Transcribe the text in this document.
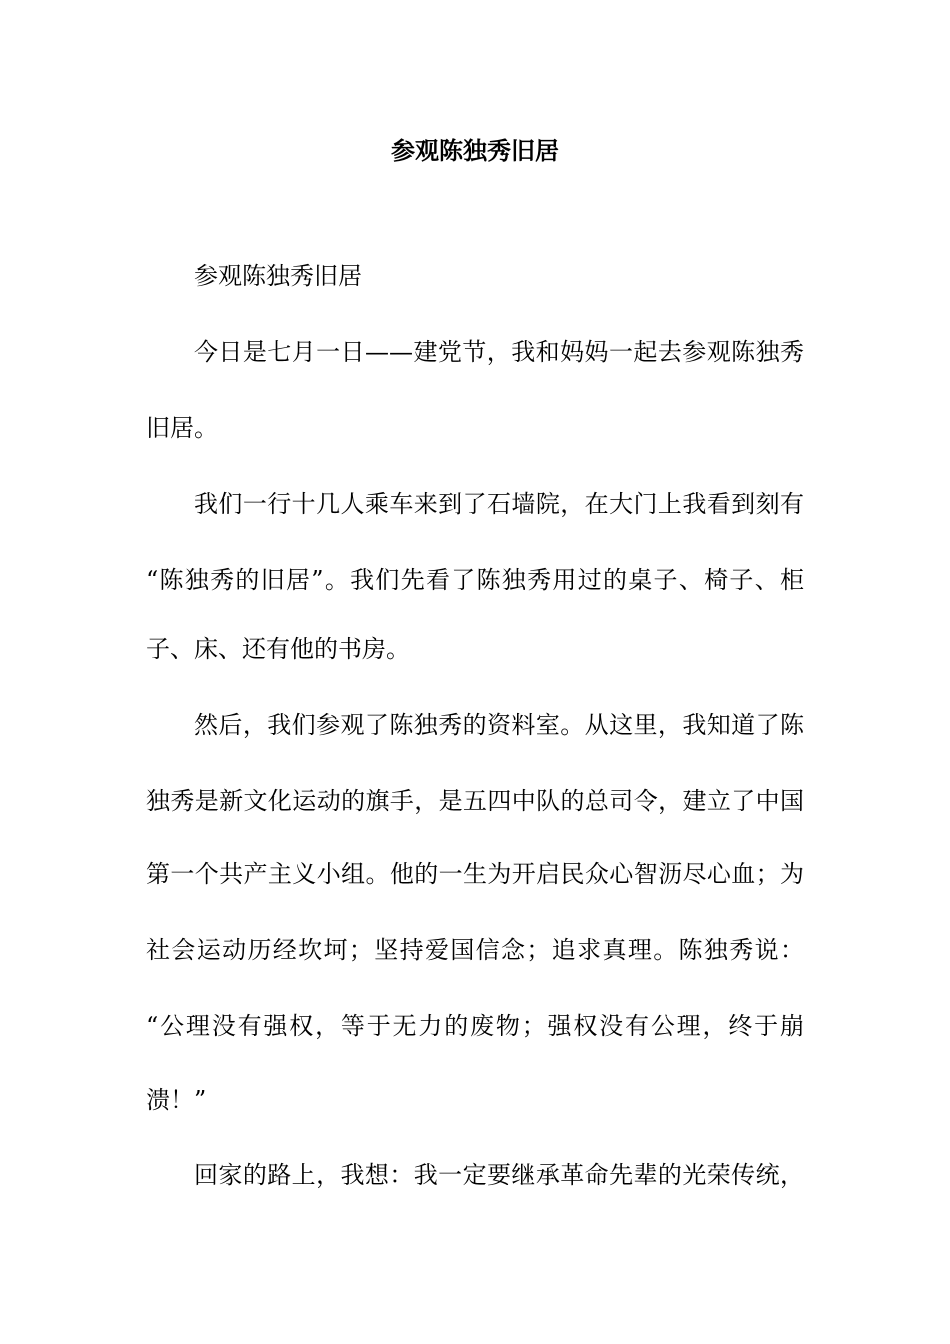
参观陈独秀旧居
参观陈独秀旧居
今日是七月一日——建党节，我和妈妈一起去参观陈独秀
旧居。
我们一行十几人乘车来到了石墙院，在大门上我看到刻有
“陈独秀的旧居”。我们先看了陈独秀用过的桌子、椅子、柜
子、床、还有他的书房。
然后，我们参观了陈独秀的资料室。从这里，我知道了陈
独秀是新文化运动的旗手，是五四中队的总司令，建立了中国
第一个共产主义小组。他的一生为开启民众心智沥尽心血；为
社会运动历经坎坷；坚持爱国信念；追求真理。陈独秀说：
“公理没有强权，等于无力的废物；强权没有公理，终于崩
溃！”
回家的路上，我想：我一定要继承革命先辈的光荣传统，
